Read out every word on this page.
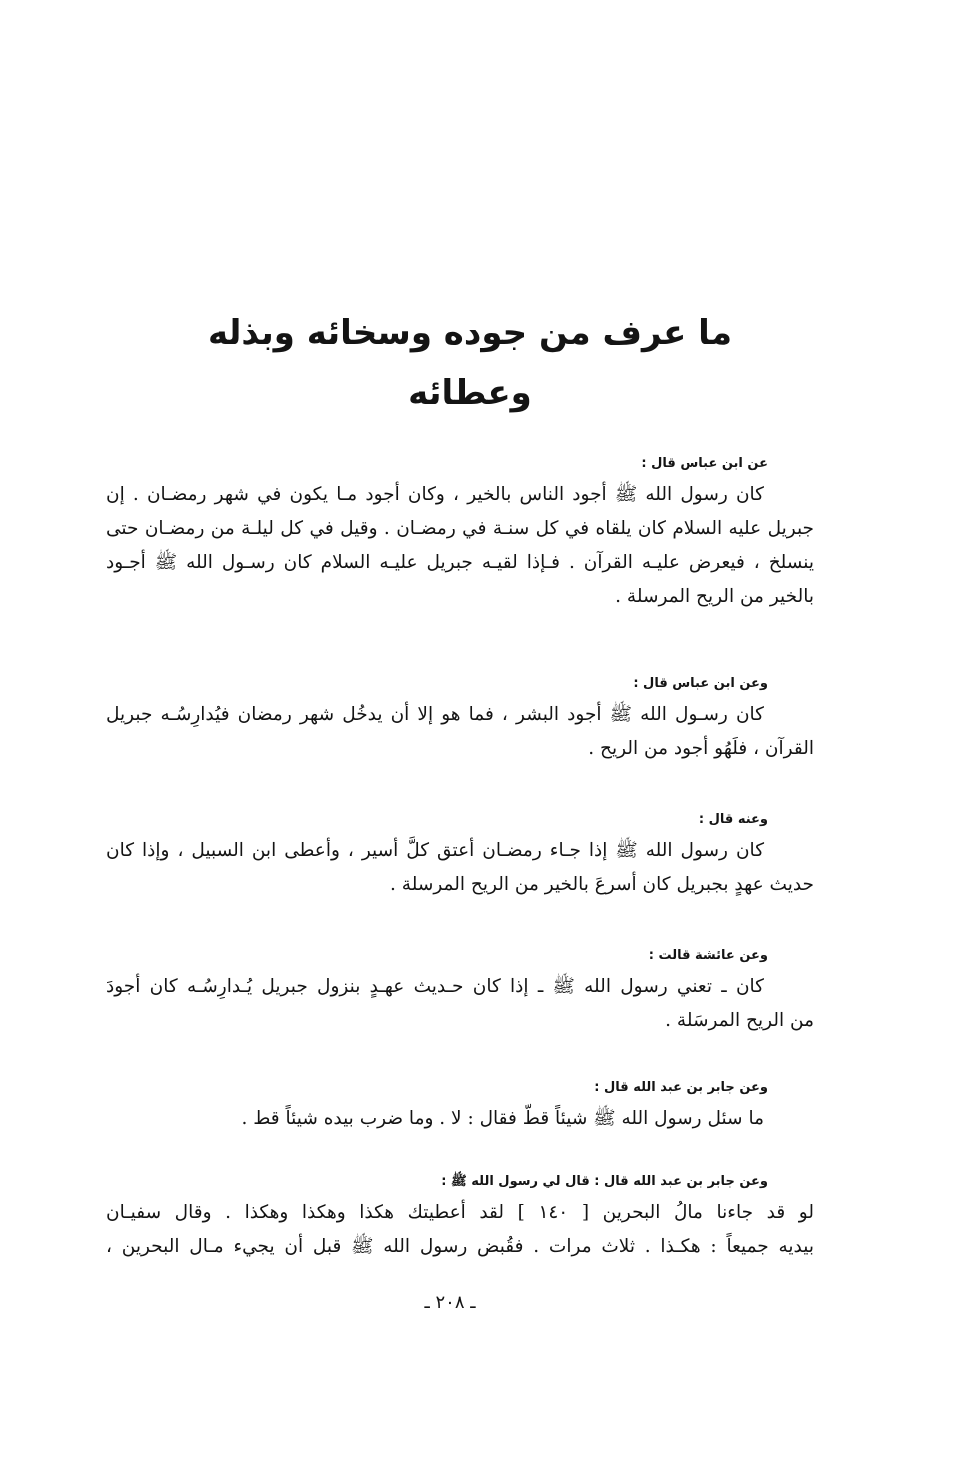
ما عرف من جوده وسخائه وبذله وعطائه

عن ابن عباس قال :

كان رسول الله ﷺ أجود الناس بالخير ، وكان أجود مـا يكون في شهر رمضـان . إن
جبريل عليه السلام كان يلقاه في كل سنـة في رمضـان . وقيل في كل ليلـة من رمضـان حتى
ينسلخ ، فيعرض عليـه القرآن . فـإذا لقيـه جبريل عليـه السلام كان رسـول الله ﷺ أجـود
بالخير من الريح المرسلة .

وعن ابن عباس قال :

كان رسـول الله ﷺ أجود البشر ، فما هو إلا أن يدخُل شهر رمضان فيُدارِسُـه جبريل
القرآن ، فلَهُو أجود من الريح .

وعنه قال :

كان رسول الله ﷺ إذا جـاء رمضـان أعتق كلَّ أسير ، وأعطى ابن السبيل ، وإذا كان
حديث عهدٍ بجبريل كان أسرعَ بالخير من الريح المرسلة .

وعن عائشة قالت :

كان ـ تعني رسول الله ﷺ ـ إذا كان حـديث عهـدٍ بنزول جبريل يُـدارِسُـه كان أجودَ
من الريح المرسَلة .

وعن جابر بن عبد الله قال :

ما سئل رسول الله ﷺ شيئاً قطّ فقال : لا . وما ضرب بيده شيئاً قط .

وعن جابر بن عبد الله قال : قال لي رسول الله ﷺ :

لو قد جاءنا مالُ البحرين [ ١٤٠ ] لقد أعطيتك هكذا وهكذا وهكذا . وقال سفيـان
بيديه جميعاً : هكـذا . ثلاث مرات . فقُبض رسول الله ﷺ قبل أن يجيء مـال البحرين ،

ـ ٢٠٨ ـ
